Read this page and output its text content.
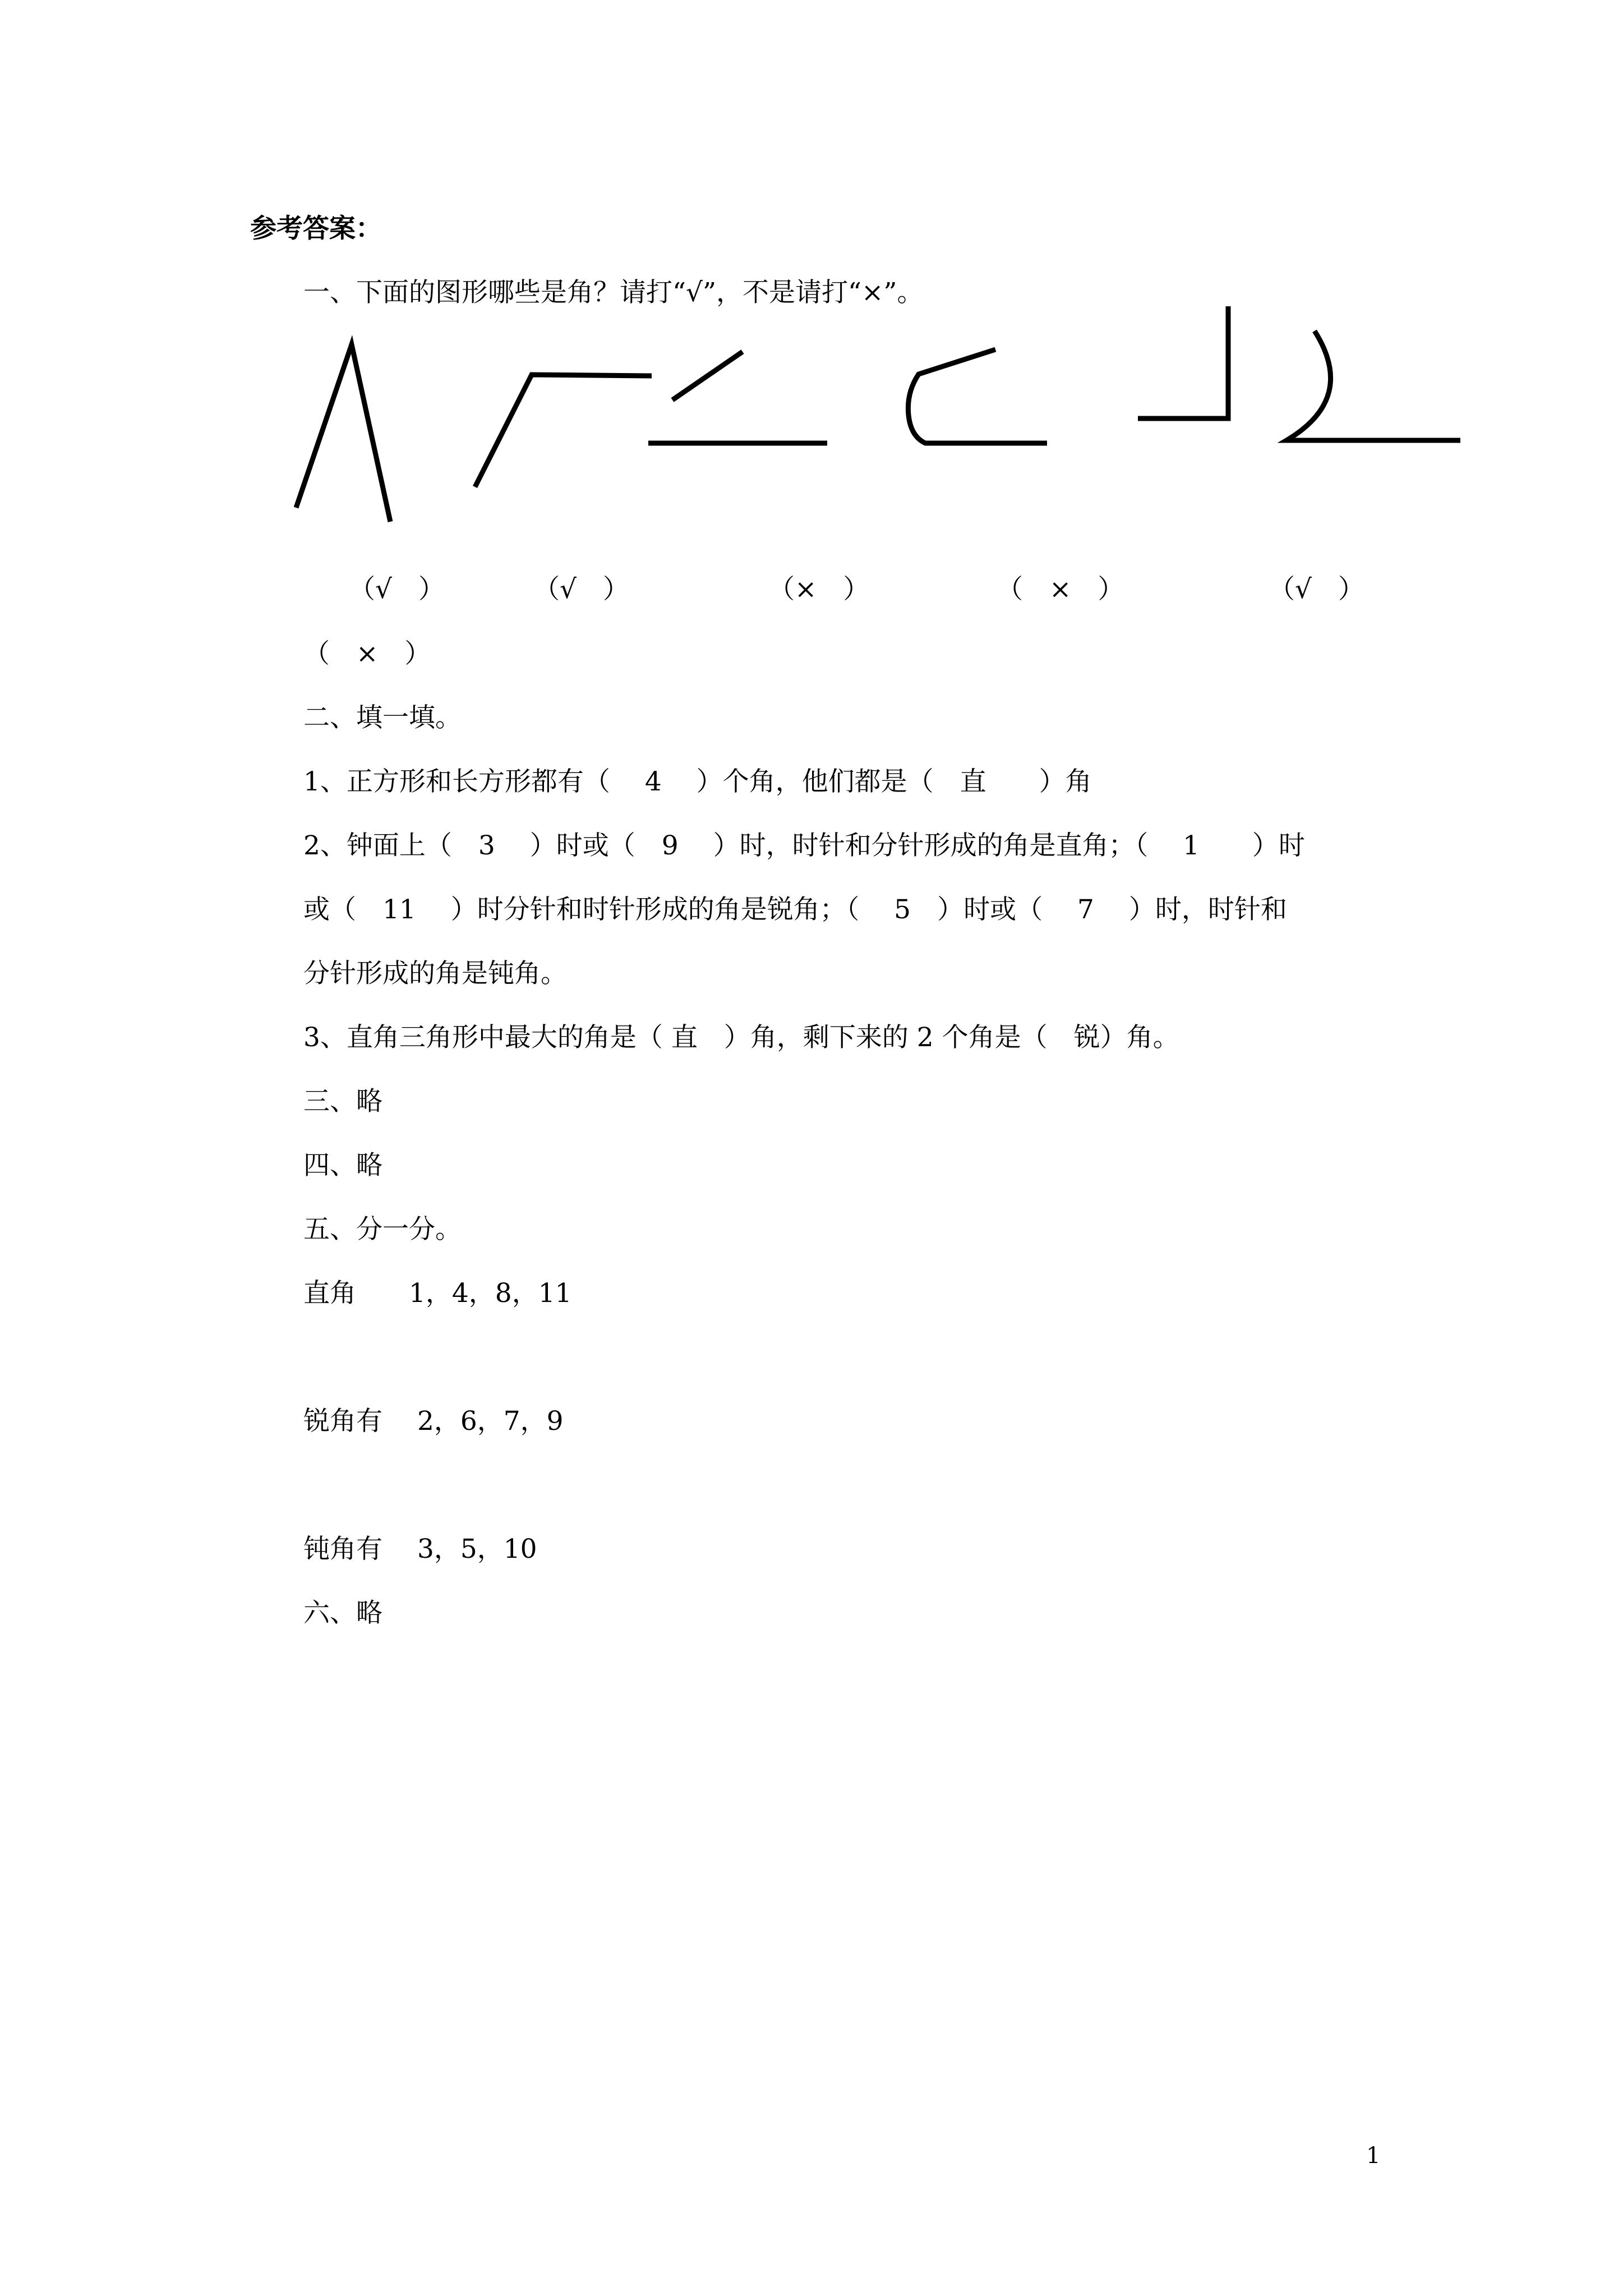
参考答案：
一、下面的图形哪些是角？请打“√”，不是请打“×”。
（√　）	（√　）	（×　）	（　×　）	（√　）
（　×　）
二、填一填。
1、正方形和长方形都有（　 4　 ）个角，他们都是（　直　　）角
2、钟面上（　3　 ）时或（　9　 ）时，时针和分针形成的角是直角；（　 1　　）时
或（　11　 ）时分针和时针形成的角是锐角；（　 5　）时或（　 7　 ）时，时针和
分针形成的角是钝角。
3、直角三角形中最大的角是（ 直　）角，剩下来的 2 个角是（　锐）角。
三、略
四、略
五、分一分。
直角　　1，4，8，11
锐角有　 2，6，7，9
钝角有　 3，5，10
六、略
1
